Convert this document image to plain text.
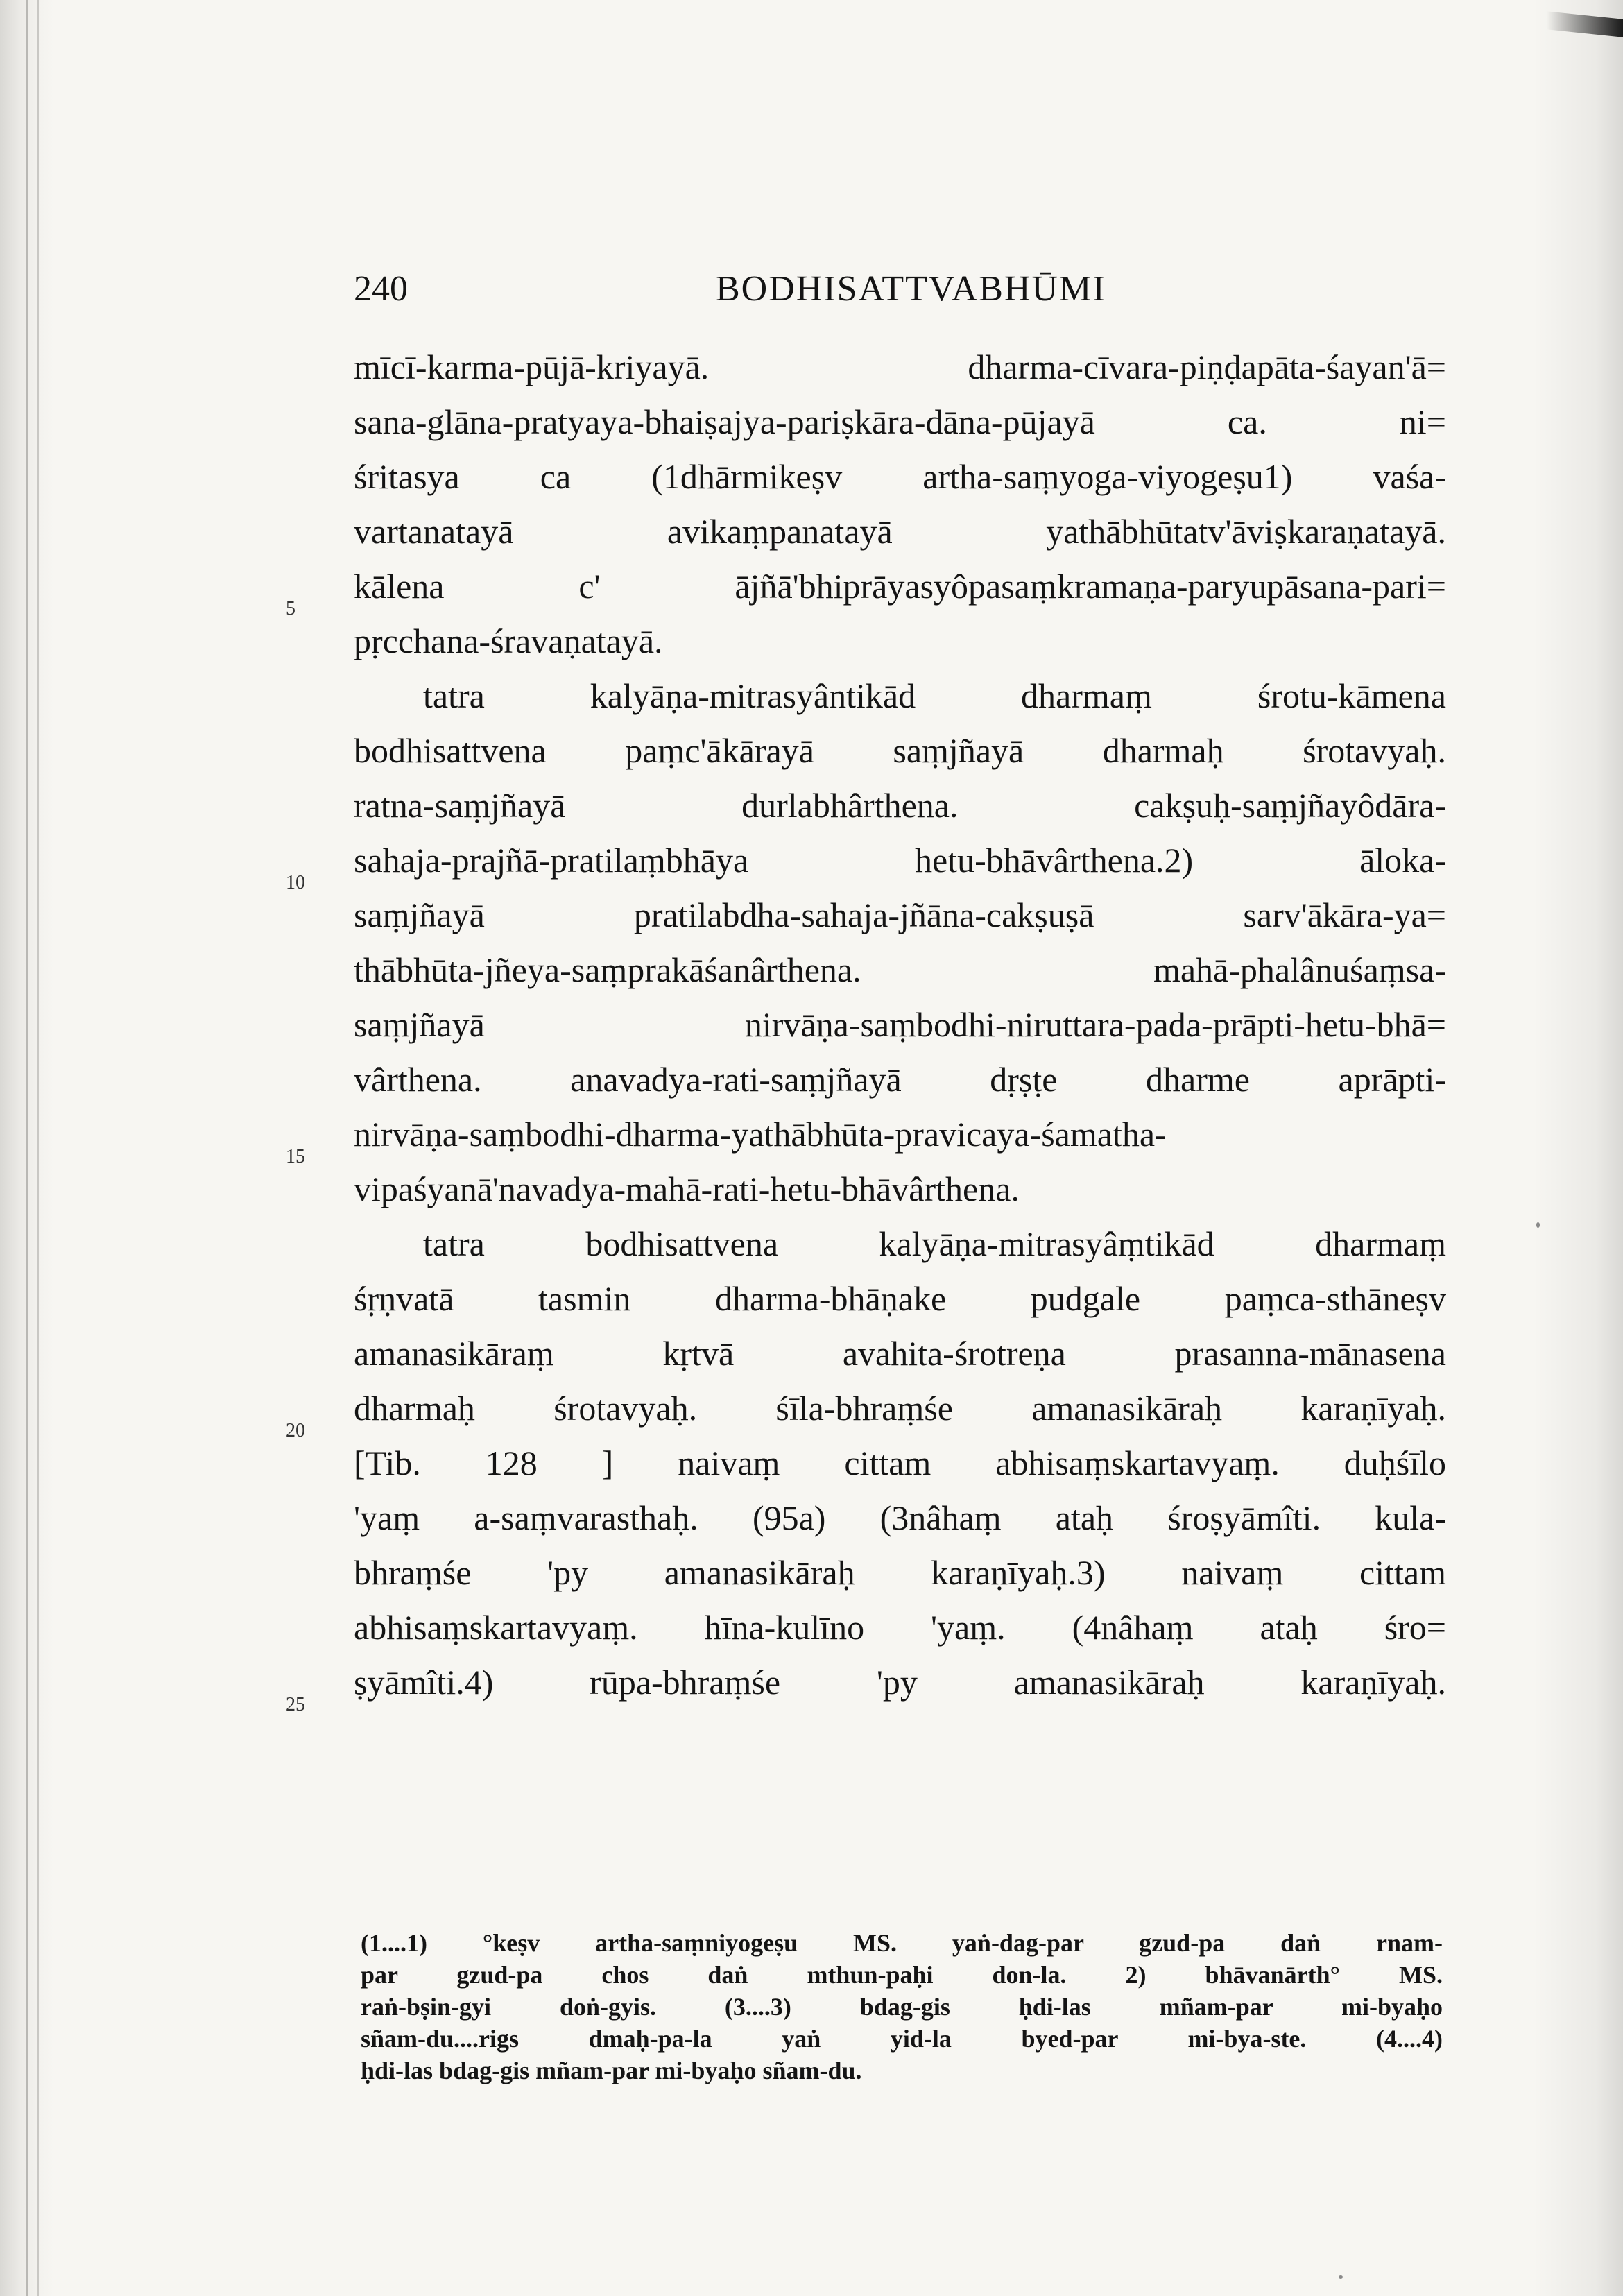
240	BODHISATTVABHŪMI
5
10
15
20
25
mīcī-karma-pūjā-kriyayā. dharma-cīvara-piṇḍapāta-śayan'ā=
sana-glāna-pratyaya-bhaiṣajya-pariṣkāra-dāna-pūjayā ca. ni=
śritasya ca (1dhārmikeṣv artha-saṃyoga-viyogeṣu1) vaśa-
vartanatayā avikaṃpanatayā yathābhūtatv'āviṣkaraṇatayā.
kālena c' ājñā'bhiprāyasyôpasaṃkramaṇa-paryupāsana-pari=
pṛcchana-śravaṇatayā.
tatra kalyāṇa-mitrasyântikād dharmaṃ śrotu-kāmena
bodhisattvena paṃc'ākārayā saṃjñayā dharmaḥ śrotavyaḥ.
ratna-saṃjñayā durlabhârthena. cakṣuḥ-saṃjñayôdāra-
sahaja-prajñā-pratilaṃbhāya hetu-bhāvârthena.2) āloka-
saṃjñayā pratilabdha-sahaja-jñāna-cakṣuṣā sarv'ākāra-ya=
thābhūta-jñeya-saṃprakāśanârthena. mahā-phalânuśaṃsa-
saṃjñayā nirvāṇa-saṃbodhi-niruttara-pada-prāpti-hetu-bhā=
vârthena. anavadya-rati-saṃjñayā dṛṣṭe dharme aprāpti-
nirvāṇa-saṃbodhi-dharma-yathābhūta-pravicaya-śamatha-
vipaśyanā'navadya-mahā-rati-hetu-bhāvârthena.
tatra bodhisattvena kalyāṇa-mitrasyâṃtikād dharmaṃ
śṛṇvatā tasmin dharma-bhāṇake pudgale paṃca-sthāneṣv
amanasikāraṃ kṛtvā avahita-śrotreṇa prasanna-mānasena
dharmaḥ śrotavyaḥ. śīla-bhraṃśe amanasikāraḥ karaṇīyaḥ.
[Tib. 128 ] naivaṃ cittam abhisaṃskartavyaṃ. duḥśīlo
'yaṃ a-saṃvarasthaḥ. (95a) (3nâhaṃ ataḥ śroṣyāmîti. kula-
bhraṃśe 'py amanasikāraḥ karaṇīyaḥ.3) naivaṃ cittam
abhisaṃskartavyaṃ. hīna-kulīno 'yaṃ. (4nâhaṃ ataḥ śro=
ṣyāmîti.4) rūpa-bhraṃśe 'py amanasikāraḥ karaṇīyaḥ.
(1....1) °keṣv artha-saṃniyogeṣu MS. yaṅ-dag-par gzud-pa daṅ rnam-
par gzud-pa chos daṅ mthun-paḥi don-la. 2) bhāvanārth° MS.
raṅ-bṣin-gyi doṅ-gyis. (3....3) bdag-gis ḥdi-las mñam-par mi-byaḥo
sñam-du....rigs dmaḥ-pa-la yaṅ yid-la byed-par mi-bya-ste. (4....4)
ḥdi-las bdag-gis mñam-par mi-byaḥo sñam-du.
